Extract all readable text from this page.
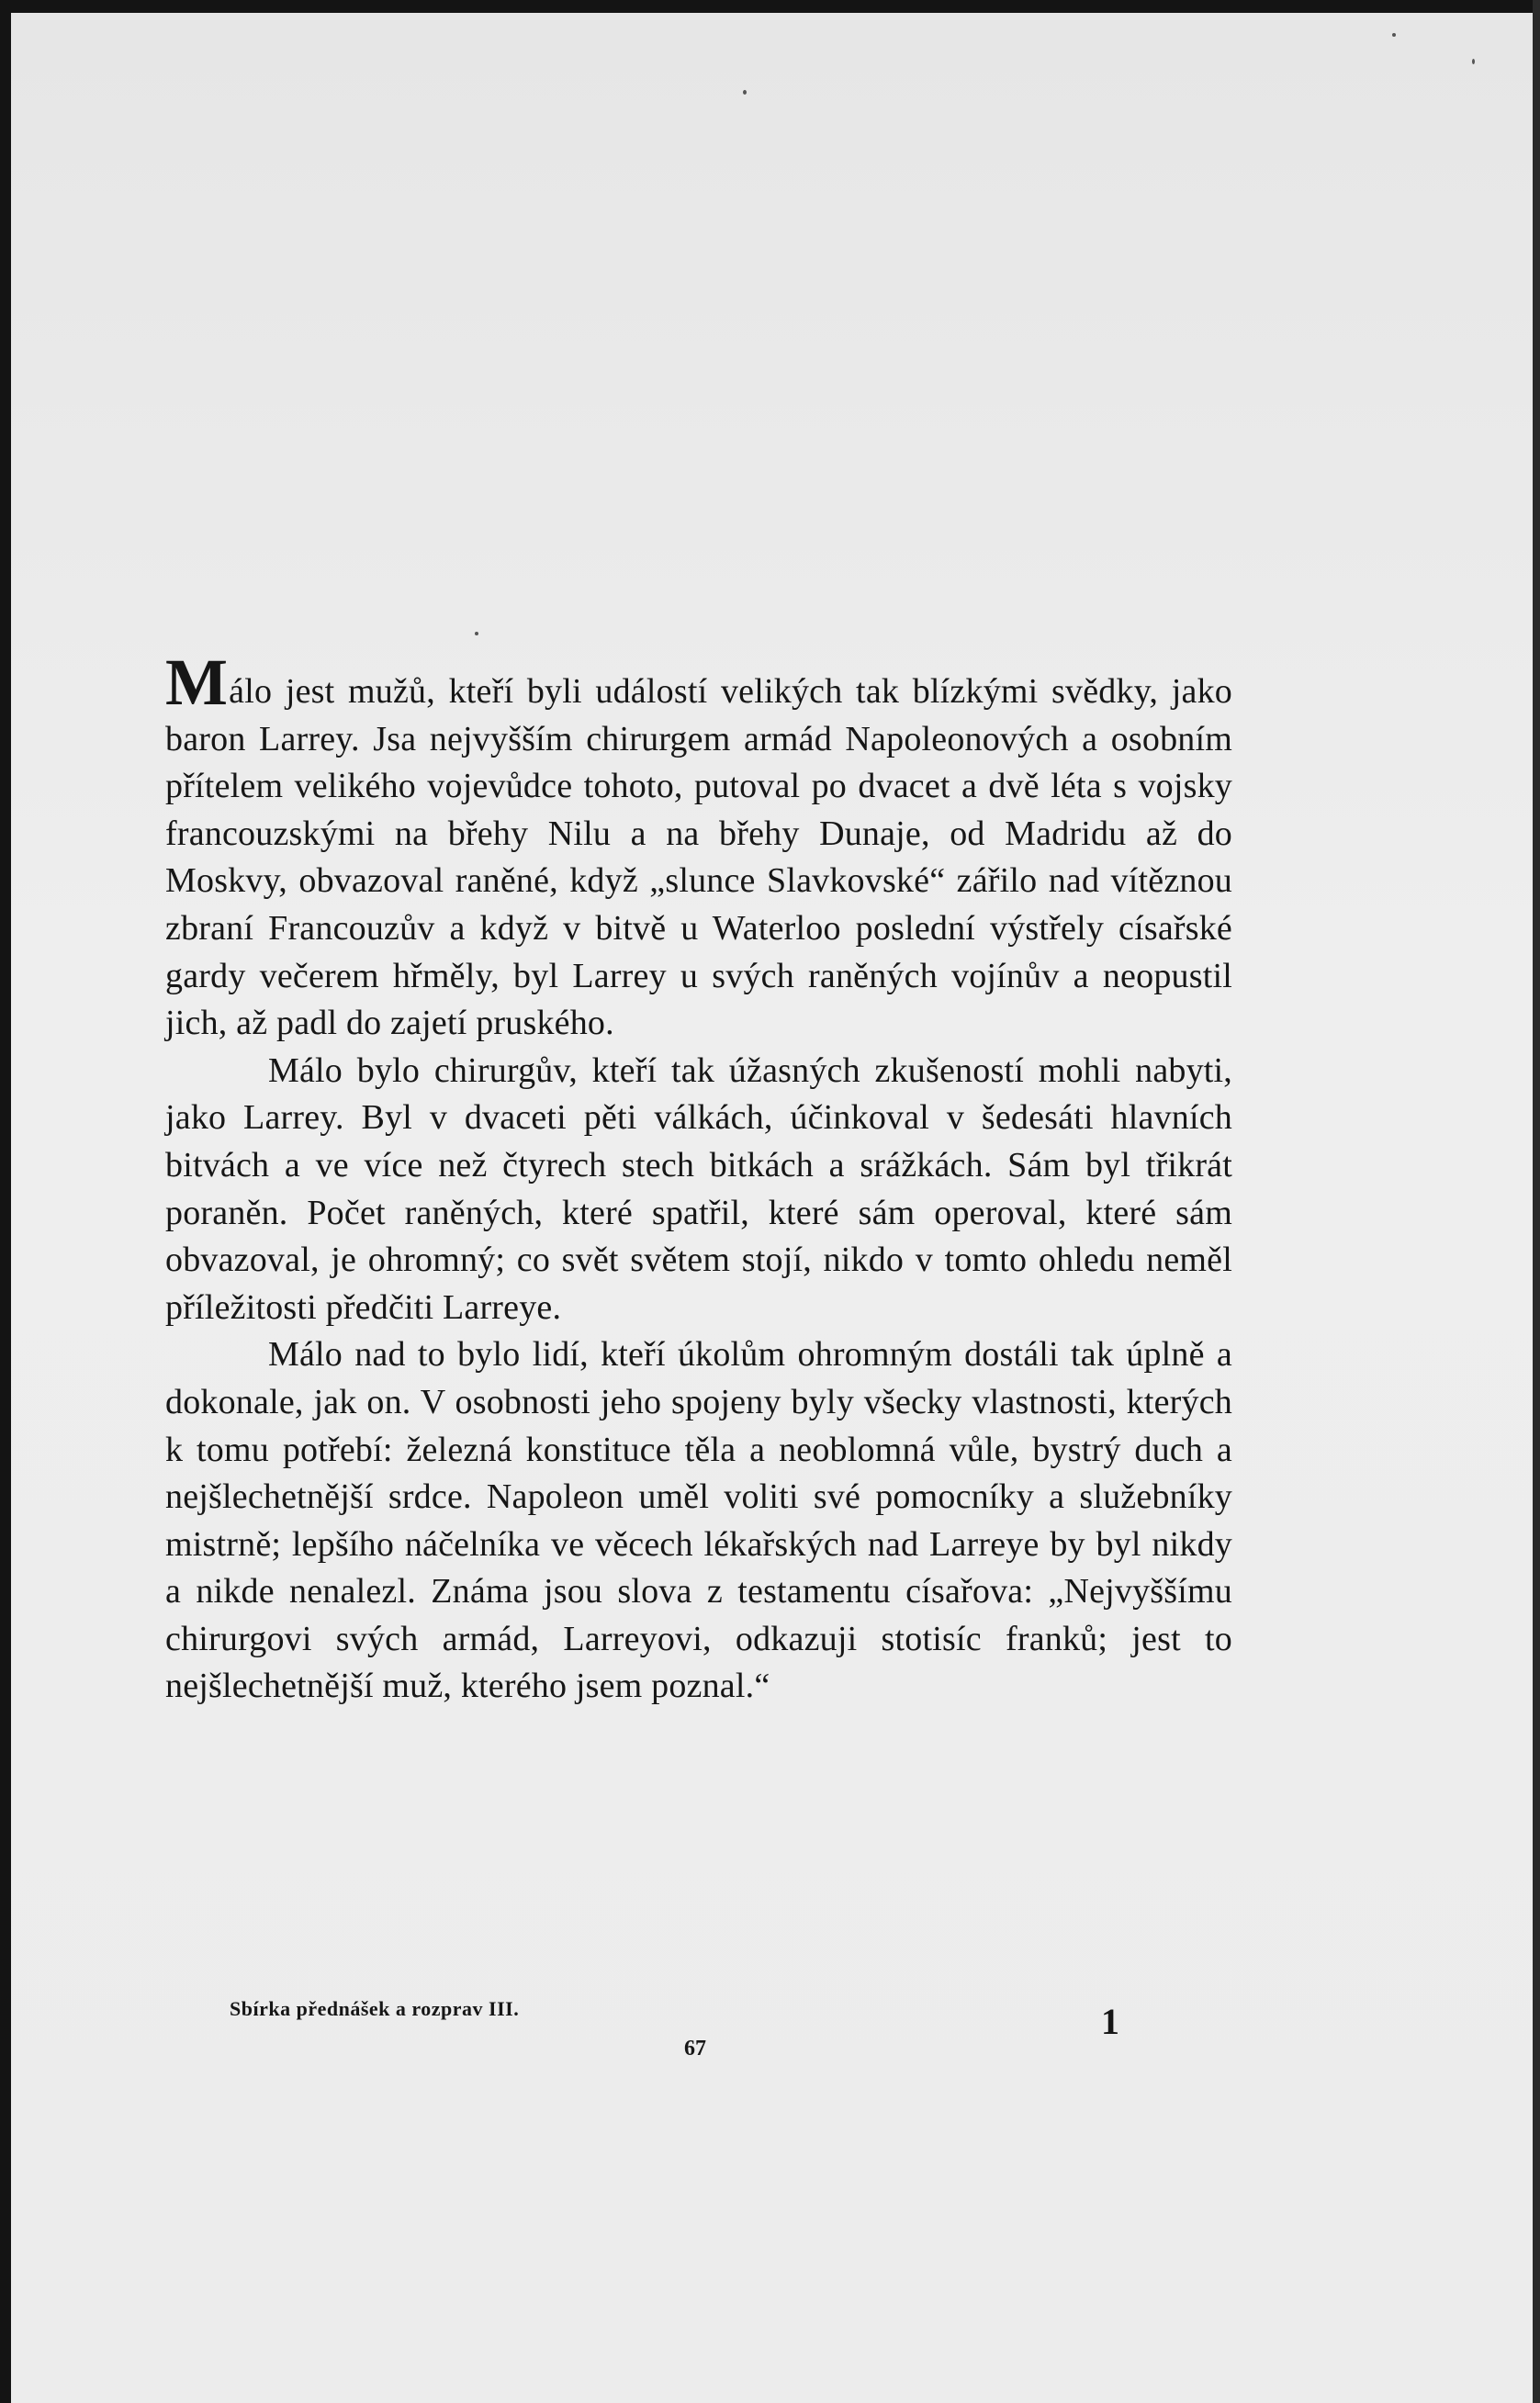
Málo jest mužů, kteří byli událostí velikých tak blízkými svědky, jako baron Larrey. Jsa nejvyšším chirurgem armád Napoleonových a osobním přítelem velikého vojevůdce tohoto, putoval po dvacet a dvě léta s vojsky francouzskými na břehy Nilu a na břehy Dunaje, od Madridu až do Moskvy, obvazoval raněné, když „slunce Slavkovské“ zářilo nad vítěznou zbraní Francouzův a když v bitvě u Waterloo poslední výstřely císařské gardy večerem hřměly, byl Larrey u svých raněných vojínův a neopustil jich, až padl do zajetí pruského.

Málo bylo chirurgův, kteří tak úžasných zkušeností mohli nabyti, jako Larrey. Byl v dvaceti pěti válkách, účinkoval v šedesáti hlavních bitvách a ve více než čtyrech stech bitkách a srážkách. Sám byl třikrát poraněn. Počet raněných, které spatřil, které sám operoval, které sám obvazoval, je ohromný; co svět světem stojí, nikdo v tomto ohledu neměl příležitosti předčiti Larreye.

Málo nad to bylo lidí, kteří úkolům ohromným dostáli tak úplně a dokonale, jak on. V osobnosti jeho spojeny byly všecky vlastnosti, kterých k tomu potřebí: železná konstituce těla a neoblomná vůle, bystrý duch a nejšlechetnější srdce. Napoleon uměl voliti své pomocníky a služebníky mistrně; lepšího náčelníka ve věcech lékařských nad Larreye by byl nikdy a nikde nenalezl. Známa jsou slova z testamentu císařova: „Nejvyššímu chirurgovi svých armád, Larreyovi, odkazuji stotisíc franků; jest to nejšlechetnější muž, kterého jsem poznal.“

Sbírka přednášek a rozprav III.	1
67
